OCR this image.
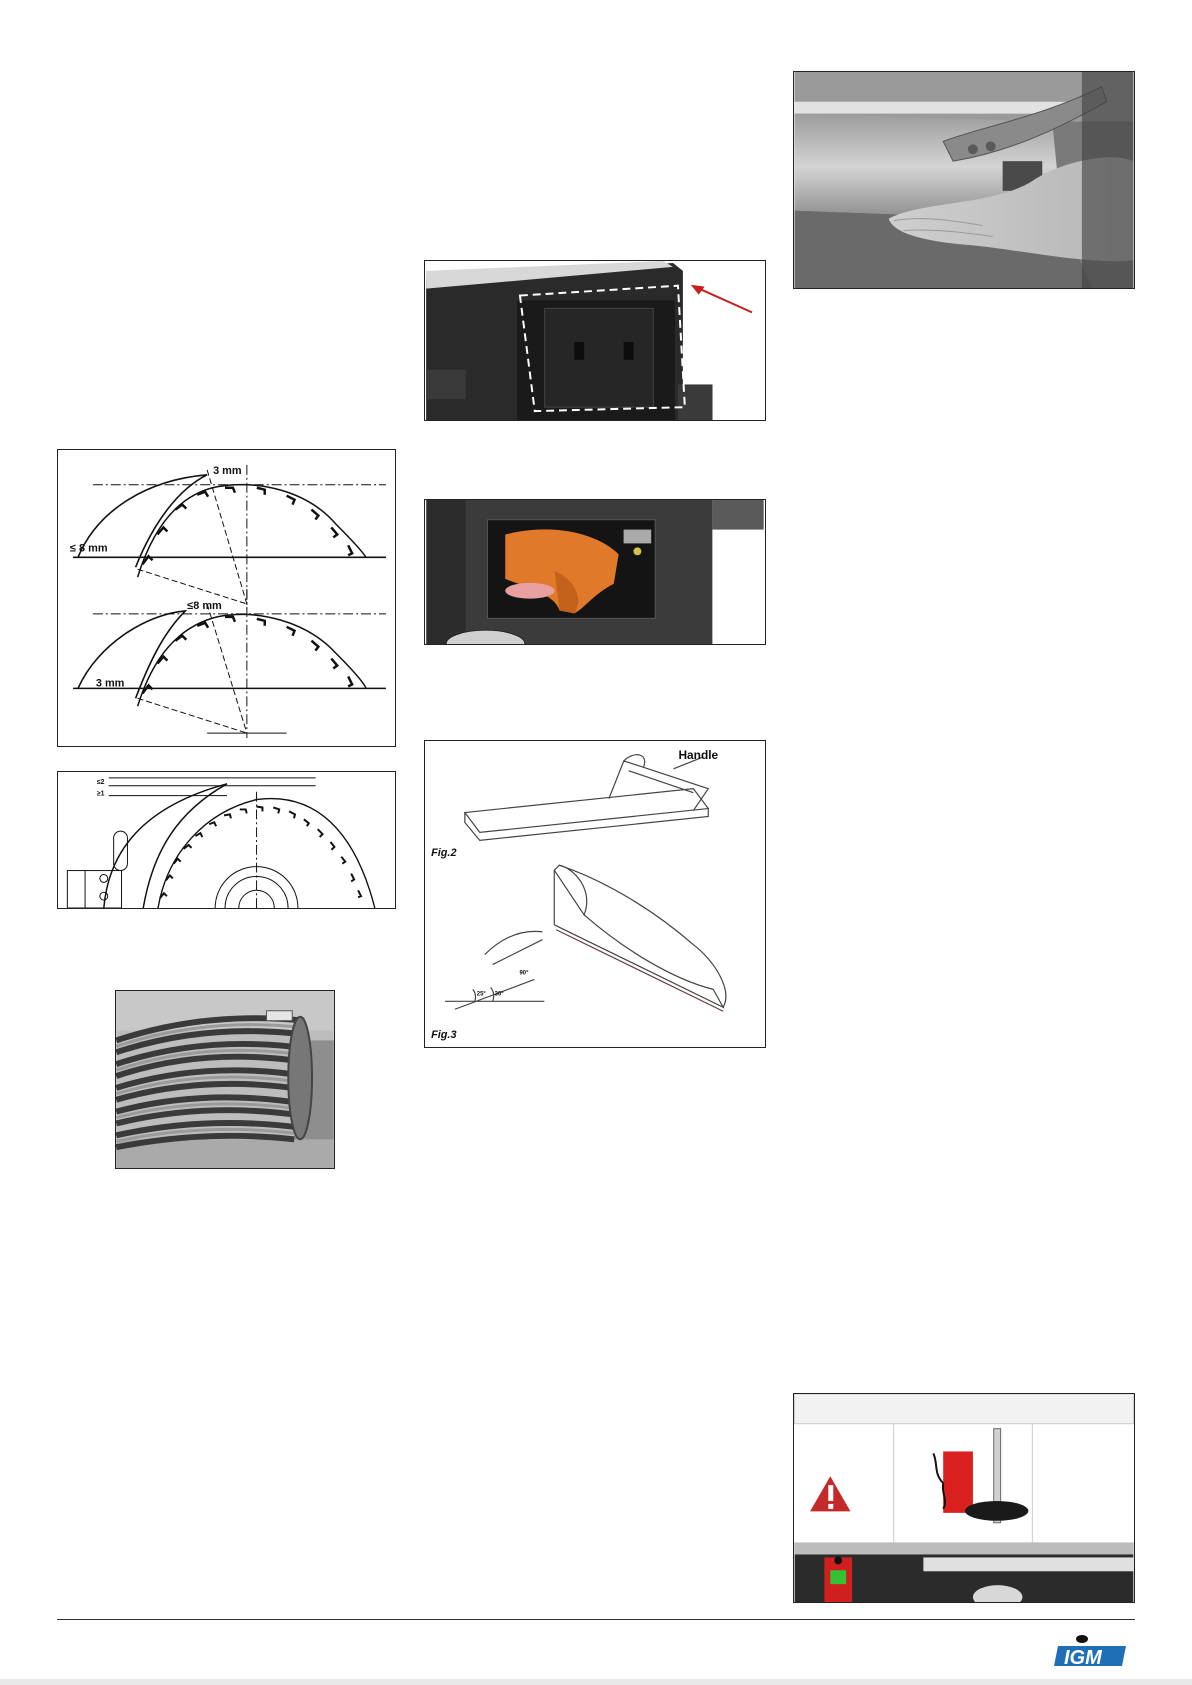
3 mm
≤ 8 mm
≤8 mm
3 mm
≤2
≥1
Handle
Fig.2
90°
25° 30°
Fig.3
IGM
